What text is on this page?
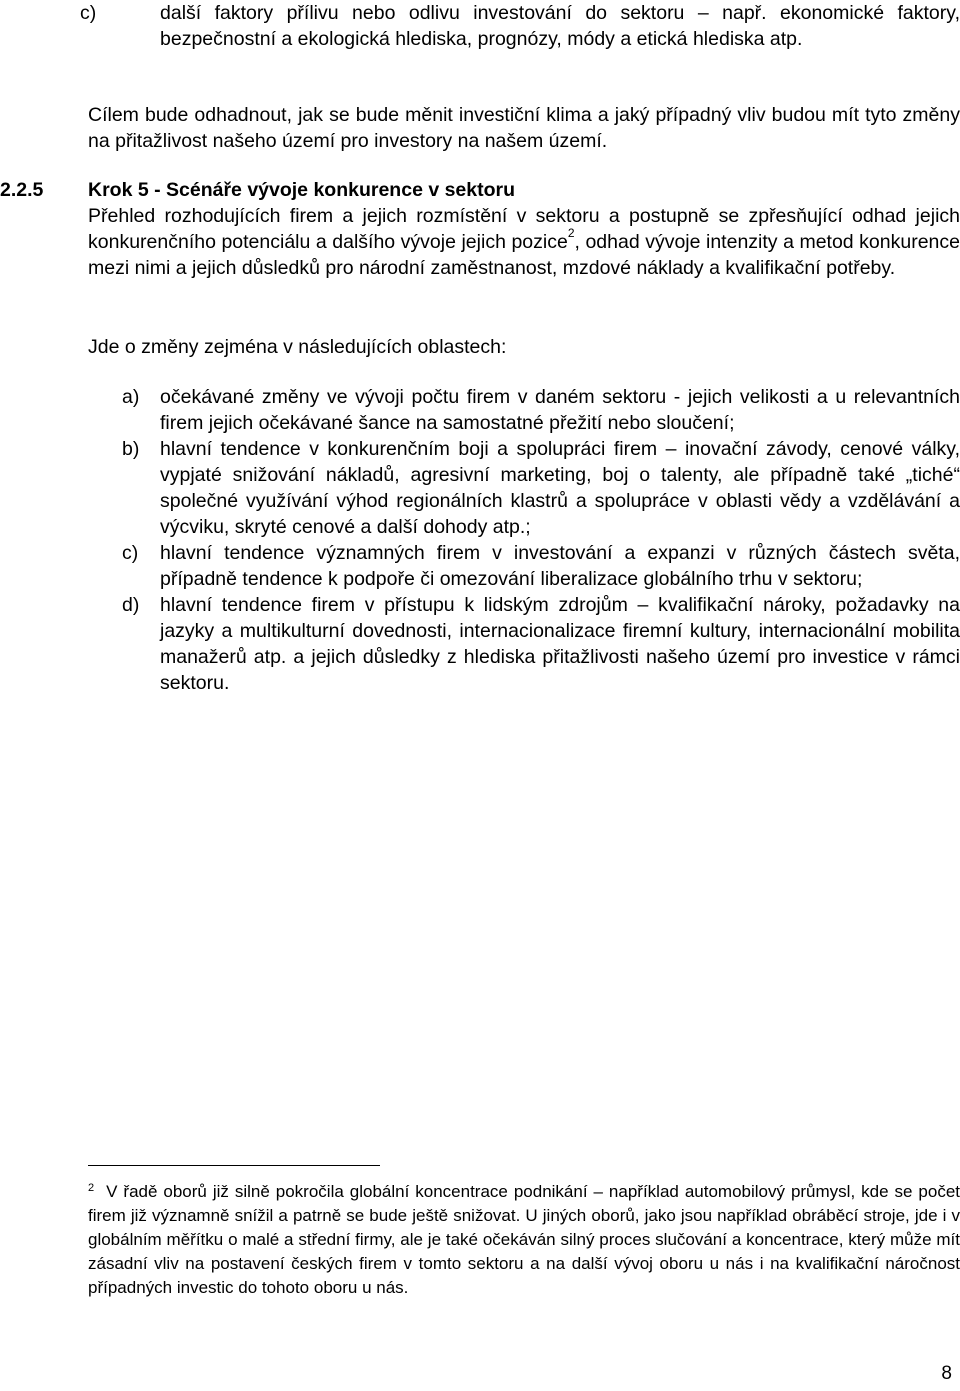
c)	další faktory přílivu nebo odlivu investování do sektoru – např. ekonomické faktory, bezpečnostní a ekologická hlediska, prognózy, módy a etická hlediska atp.

Cílem bude odhadnout, jak se bude měnit investiční klima a jaký případný vliv budou mít tyto změny na přitažlivost našeho území pro investory na našem území.

2.2.5 Krok 5 - Scénáře vývoje konkurence v sektoru

Přehled rozhodujících firem a jejich rozmístění v sektoru a postupně se zpřesňující odhad jejich konkurenčního potenciálu a dalšího vývoje jejich pozice$^2$, odhad vývoje intenzity a metod konkurence mezi nimi a jejich důsledků pro národní zaměstnanost, mzdové náklady a kvalifikační potřeby.

Jde o změny zejména v následujících oblastech:

a) očekávané změny ve vývoji počtu firem v daném sektoru - jejich velikosti a u relevantních firem jejich očekávané šance na samostatné přežití nebo sloučení;

b) hlavní tendence v konkurenčním boji a spolupráci firem – inovační závody, cenové války, vypjaté snižování nákladů, agresivní marketing, boj o talenty, ale případně také „tiché“ společné využívání výhod regionálních klastrů a spolupráce v oblasti vědy a vzdělávání a výcviku, skryté cenové a další dohody atp.;

c) hlavní tendence významných firem v investování a expanzi v různých částech světa, případně tendence k podpoře či omezování liberalizace globálního trhu v sektoru;

d) hlavní tendence firem v přístupu k lidským zdrojům – kvalifikační nároky, požadavky na jazyky a multikulturní dovednosti, internacionalizace firemní kultury, internacionální mobilita manažerů atp. a jejich důsledky z hlediska přitažlivosti našeho území pro investice v rámci sektoru.

$^2$ V řadě oborů již silně pokročila globální koncentrace podnikání – například automobilový průmysl, kde se počet firem již významně snížil a patrně se bude ještě snižovat. U jiných oborů, jako jsou například obráběcí stroje, jde i v globálním měřítku o malé a střední firmy, ale je také očekáván silný proces slučování a koncentrace, který může mít zásadní vliv na postavení českých firem v tomto sektoru a na další vývoj oboru u nás i na kvalifikační náročnost případných investic do tohoto oboru u nás.

8
